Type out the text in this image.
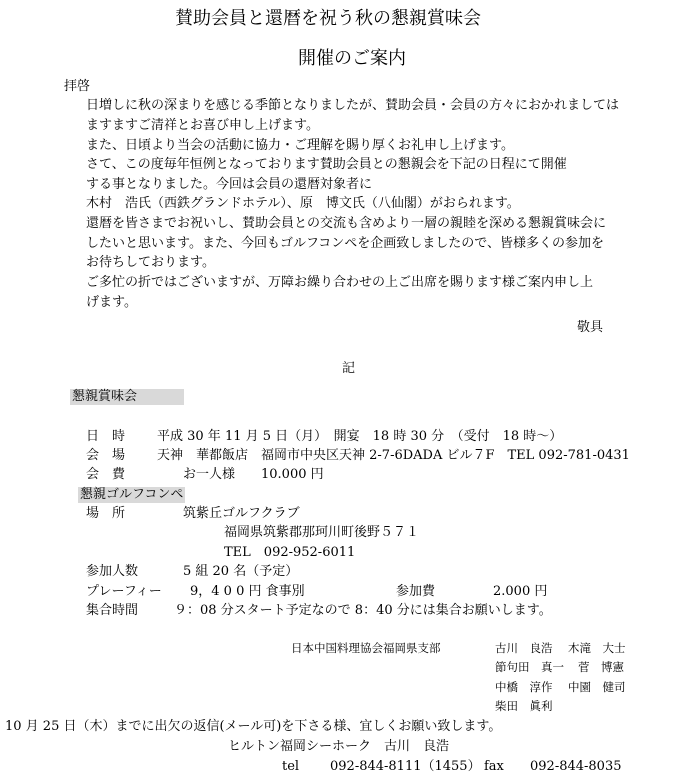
賛助会員と還暦を祝う秋の懇親賞味会
開催のご案内
拝啓
日増しに秋の深まりを感じる季節となりましたが、賛助会員・会員の方々におかれましては
ますますご清祥とお喜び申し上げます。
また、日頃より当会の活動に協力・ご理解を賜り厚くお礼申し上げます。
さて、この度毎年恒例となっております賛助会員との懇親会を下記の日程にて開催
する事となりました。今回は会員の還暦対象者に
木村　浩氏（西鉄グランドホテル）、原　博文氏（八仙閣）がおられます。
還暦を皆さまでお祝いし、賛助会員との交流も含めより一層の親睦を深める懇親賞味会に
したいと思います。また、今回もゴルフコンペを企画致しましたので、皆様多くの参加を
お待ちしております。
ご多忙の折ではございますが、万障お繰り合わせの上ご出席を賜ります様ご案内申し上
げます。
敬具
記
懇親賞味会
日　時 平成 30 年 11 月 5 日（月）　開宴　18 時 30 分　（受付　18 時〜）
会　場 天神　華都飯店　福岡市中央区天神 2-7-6DADA ビル７F　TEL 092-781-0431
会　費	お一人様　　10.000 円
懇親ゴルフコンペ
場　所	筑紫丘ゴルフクラブ
福岡県筑紫郡那珂川町後野５７１
TEL　092-952-6011
参加人数	5 組 20 名（予定）
プレーフィー 9，4 0 0 円 食事別	参加費	2.000 円
集合時間	９：08 分スタート予定なので 8：40 分には集合お願いします。
日本中国料理協会福岡県支部	古川　良浩 木滝　大士
節句田　真一 菅　博憲
中橋　淳作 中園　健司
柴田　眞利
10 月 25 日（木）までに出欠の返信(メール可)を下さる様、宜しくお願い致します。
ヒルトン福岡シーホーク　古川　良浩
tel 092-844-8111（1455） fax 092-844-8035
